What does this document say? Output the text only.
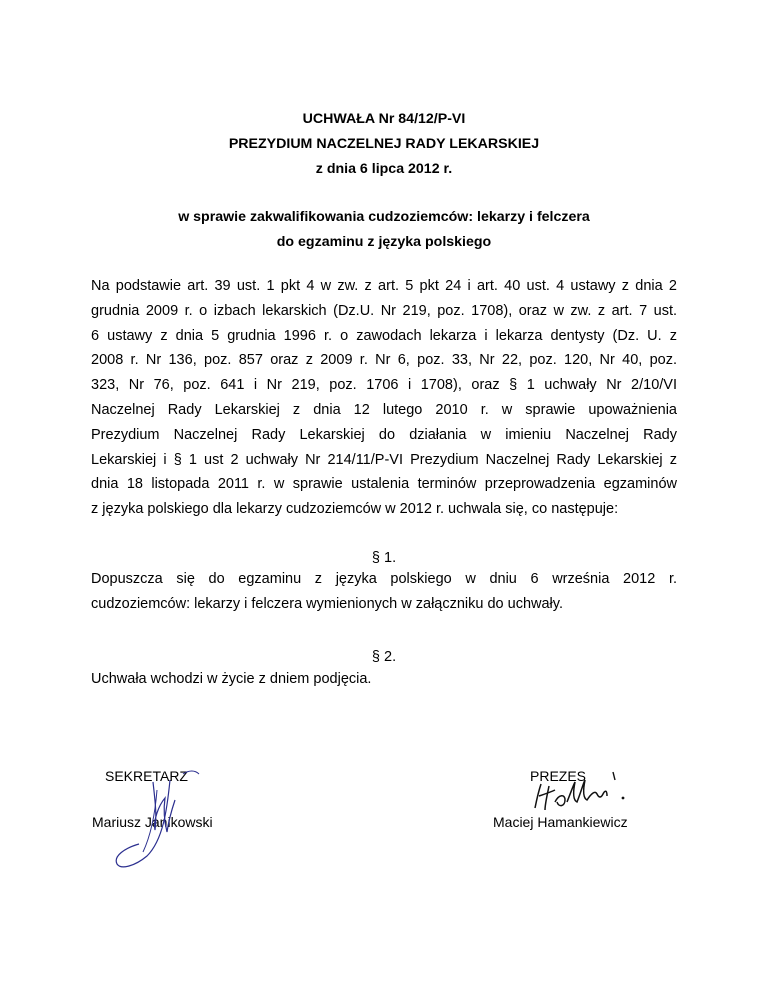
UCHWAŁA Nr 84/12/P-VI
PREZYDIUM NACZELNEJ RADY LEKARSKIEJ
z dnia 6 lipca 2012 r.
w sprawie zakwalifikowania cudzoziemców: lekarzy i felczera
do egzaminu z języka polskiego
Na podstawie art. 39 ust. 1 pkt 4 w zw. z art. 5 pkt 24 i art. 40 ust. 4 ustawy z dnia 2
grudnia 2009 r. o izbach lekarskich (Dz.U. Nr 219, poz. 1708), oraz w zw. z art. 7 ust.
6 ustawy z dnia 5 grudnia 1996 r. o zawodach lekarza i lekarza dentysty (Dz. U. z
2008 r. Nr 136, poz. 857 oraz z 2009 r. Nr 6, poz. 33, Nr 22, poz. 120, Nr 40, poz.
323, Nr 76, poz. 641 i Nr 219, poz. 1706 i 1708), oraz § 1 uchwały Nr 2/10/VI
Naczelnej Rady Lekarskiej z dnia 12 lutego 2010 r. w sprawie upoważnienia
Prezydium Naczelnej Rady Lekarskiej do działania w imieniu Naczelnej Rady
Lekarskiej i § 1 ust 2 uchwały Nr 214/11/P-VI Prezydium Naczelnej Rady Lekarskiej z
dnia 18 listopada 2011 r. w sprawie ustalenia terminów przeprowadzenia egzaminów
z języka polskiego dla lekarzy cudzoziemców w 2012 r. uchwala się, co następuje:
§ 1.
Dopuszcza się do egzaminu z języka polskiego w dniu 6 września 2012 r.
cudzoziemców: lekarzy i felczera wymienionych w załączniku do uchwały.
§ 2.
Uchwała wchodzi w życie z dniem podjęcia.
SEKRETARZ
Mariusz Janikowski
PREZES
Maciej Hamankiewicz
